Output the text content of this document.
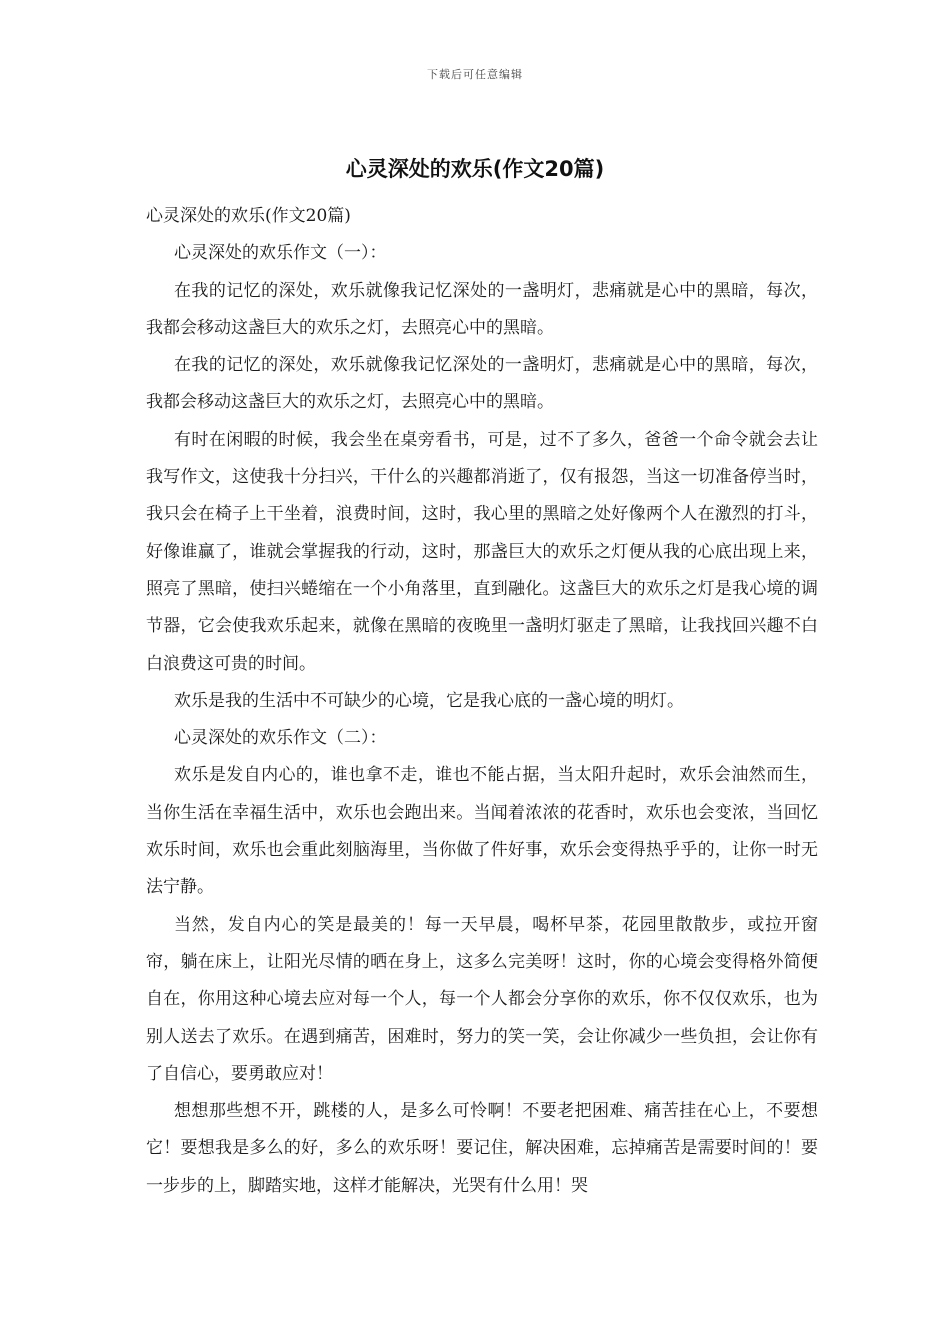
下载后可任意编辑
心灵深处的欢乐(作文20篇)

心灵深处的欢乐(作文20篇)

心灵深处的欢乐作文（一）：

在我的记忆的深处，欢乐就像我记忆深处的一盏明灯，悲痛就是心中的黑暗，每次，我都会移动这盏巨大的欢乐之灯，去照亮心中的黑暗。

在我的记忆的深处，欢乐就像我记忆深处的一盏明灯，悲痛就是心中的黑暗，每次，我都会移动这盏巨大的欢乐之灯，去照亮心中的黑暗。

有时在闲暇的时候，我会坐在桌旁看书，可是，过不了多久，爸爸一个命令就会去让我写作文，这使我十分扫兴，干什么的兴趣都消逝了，仅有报怨，当这一切准备停当时，我只会在椅子上干坐着，浪费时间，这时，我心里的黑暗之处好像两个人在激烈的打斗，好像谁赢了，谁就会掌握我的行动，这时，那盏巨大的欢乐之灯便从我的心底出现上来，照亮了黑暗，使扫兴蜷缩在一个小角落里，直到融化。这盏巨大的欢乐之灯是我心境的调节器，它会使我欢乐起来，就像在黑暗的夜晚里一盏明灯驱走了黑暗，让我找回兴趣不白白浪费这可贵的时间。

欢乐是我的生活中不可缺少的心境，它是我心底的一盏心境的明灯。

心灵深处的欢乐作文（二）：

欢乐是发自内心的，谁也拿不走，谁也不能占据，当太阳升起时，欢乐会油然而生，当你生活在幸福生活中，欢乐也会跑出来。当闻着浓浓的花香时，欢乐也会变浓，当回忆欢乐时间，欢乐也会重此刻脑海里，当你做了件好事，欢乐会变得热乎乎的，让你一时无法宁静。

当然，发自内心的笑是最美的！每一天早晨，喝杯早茶，花园里散散步，或拉开窗帘，躺在床上，让阳光尽情的晒在身上，这多么完美呀！这时，你的心境会变得格外简便自在，你用这种心境去应对每一个人，每一个人都会分享你的欢乐，你不仅仅欢乐，也为别人送去了欢乐。在遇到痛苦，困难时，努力的笑一笑，会让你减少一些负担，会让你有了自信心，要勇敢应对！

想想那些想不开，跳楼的人，是多么可怜啊！不要老把困难、痛苦挂在心上，不要想它！要想我是多么的好，多么的欢乐呀！要记住，解决困难，忘掉痛苦是需要时间的！要一步步的上，脚踏实地，这样才能解决，光哭有什么用！哭
